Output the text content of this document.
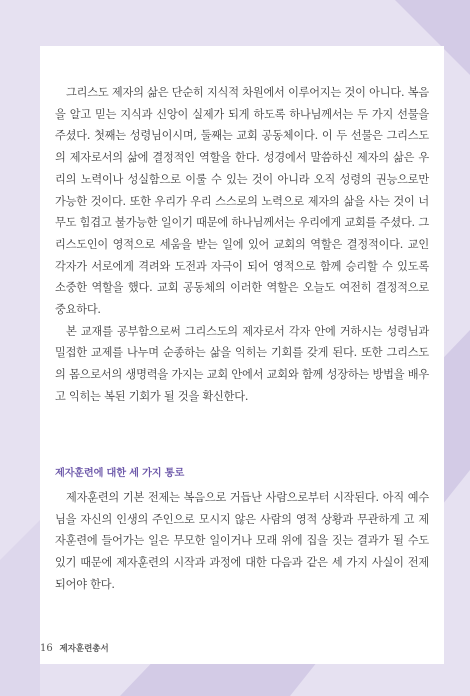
그리스도 제자의 삶은 단순히 지식적 차원에서 이루어지는 것이 아니다. 복음을 알고 믿는 지식과 신앙이 실제가 되게 하도록 하나님께서는 두 가지 선물을 주셨다. 첫째는 성령님이시며, 둘째는 교회 공동체이다. 이 두 선물은 그리스도의 제자로서의 삶에 결정적인 역할을 한다. 성경에서 말씀하신 제자의 삶은 우리의 노력이나 성실함으로 이룰 수 있는 것이 아니라 오직 성령의 권능으로만 가능한 것이다. 또한 우리가 우리 스스로의 노력으로 제자의 삶을 사는 것이 너무도 힘겹고 불가능한 일이기 때문에 하나님께서는 우리에게 교회를 주셨다. 그리스도인이 영적으로 세움을 받는 일에 있어 교회의 역할은 결정적이다. 교인 각자가 서로에게 격려와 도전과 자극이 되어 영적으로 함께 승리할 수 있도록 소중한 역할을 했다. 교회 공동체의 이러한 역할은 오늘도 여전히 결정적으로 중요하다.

본 교재를 공부함으로써 그리스도의 제자로서 각자 안에 거하시는 성령님과 밀접한 교제를 나누며 순종하는 삶을 익히는 기회를 갖게 된다. 또한 그리스도의 몸으로서의 생명력을 가지는 교회 안에서 교회와 함께 성장하는 방법을 배우고 익히는 복된 기회가 될 것을 확신한다.

제자훈련에 대한 세 가지 통로

제자훈련의 기본 전제는 복음으로 거듭난 사람으로부터 시작된다. 아직 예수님을 자신의 인생의 주인으로 모시지 않은 사람의 영적 상황과 무관하게 고 제자훈련에 들어가는 일은 무모한 일이거나 모래 위에 집을 짓는 결과가 될 수도 있기 때문에 제자훈련의 시작과 과정에 대한 다음과 같은 세 가지 사실이 전제되어야 한다.

16 제자훈련총서
